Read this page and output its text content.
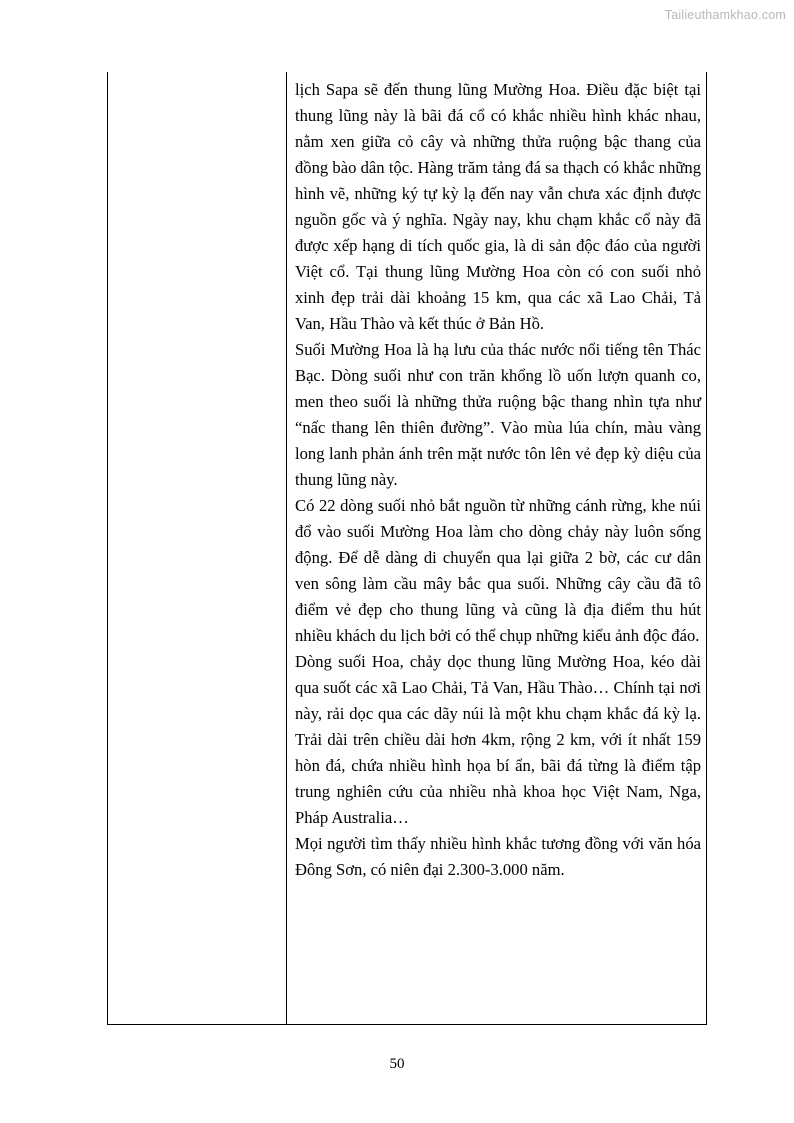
Tailieuthamkhao.com

lịch Sapa sẽ đến thung lũng Mường Hoa. Điều đặc biệt tại thung lũng này là bãi đá cổ có khắc nhiều hình khác nhau, nằm xen giữa cỏ cây và những thửa ruộng bậc thang của đồng bào dân tộc. Hàng trăm tảng đá sa thạch có khắc những hình vẽ, những ký tự kỳ lạ đến nay vẫn chưa xác định được nguồn gốc và ý nghĩa. Ngày nay, khu chạm khắc cổ này đã được xếp hạng di tích quốc gia, là di sản độc đáo của người Việt cổ. Tại thung lũng Mường Hoa còn có con suối nhỏ xinh đẹp trải dài khoảng 15 km, qua các xã Lao Chải, Tả Van, Hầu Thào và kết thúc ở Bản Hồ.

Suối Mường Hoa là hạ lưu của thác nước nổi tiếng tên Thác Bạc. Dòng suối như con trăn khổng lồ uốn lượn quanh co, men theo suối là những thửa ruộng bậc thang nhìn tựa như “nấc thang lên thiên đường”. Vào mùa lúa chín, màu vàng long lanh phản ánh trên mặt nước tôn lên vẻ đẹp kỳ diệu của thung lũng này.

Có 22 dòng suối nhỏ bắt nguồn từ những cánh rừng, khe núi đổ vào suối Mường Hoa làm cho dòng chảy này luôn sống động. Để dễ dàng di chuyển qua lại giữa 2 bờ, các cư dân ven sông làm cầu mây bắc qua suối. Những cây cầu đã tô điểm vẻ đẹp cho thung lũng và cũng là địa điểm thu hút nhiều khách du lịch bởi có thể chụp những kiểu ảnh độc đáo.

Dòng suối Hoa, chảy dọc thung lũng Mường Hoa, kéo dài qua suốt các xã Lao Chải, Tả Van, Hầu Thào… Chính tại nơi này, rải dọc qua các dãy núi là một khu chạm khắc đá kỳ lạ. Trải dài trên chiều dài hơn 4km, rộng 2 km, với ít nhất 159 hòn đá, chứa nhiều hình họa bí ẩn, bãi đá từng là điểm tập trung nghiên cứu của nhiều nhà khoa học Việt Nam, Nga, Pháp Australia…

Mọi người tìm thấy nhiều hình khắc tương đồng với văn hóa Đông Sơn, có niên đại 2.300-3.000 năm.

50
